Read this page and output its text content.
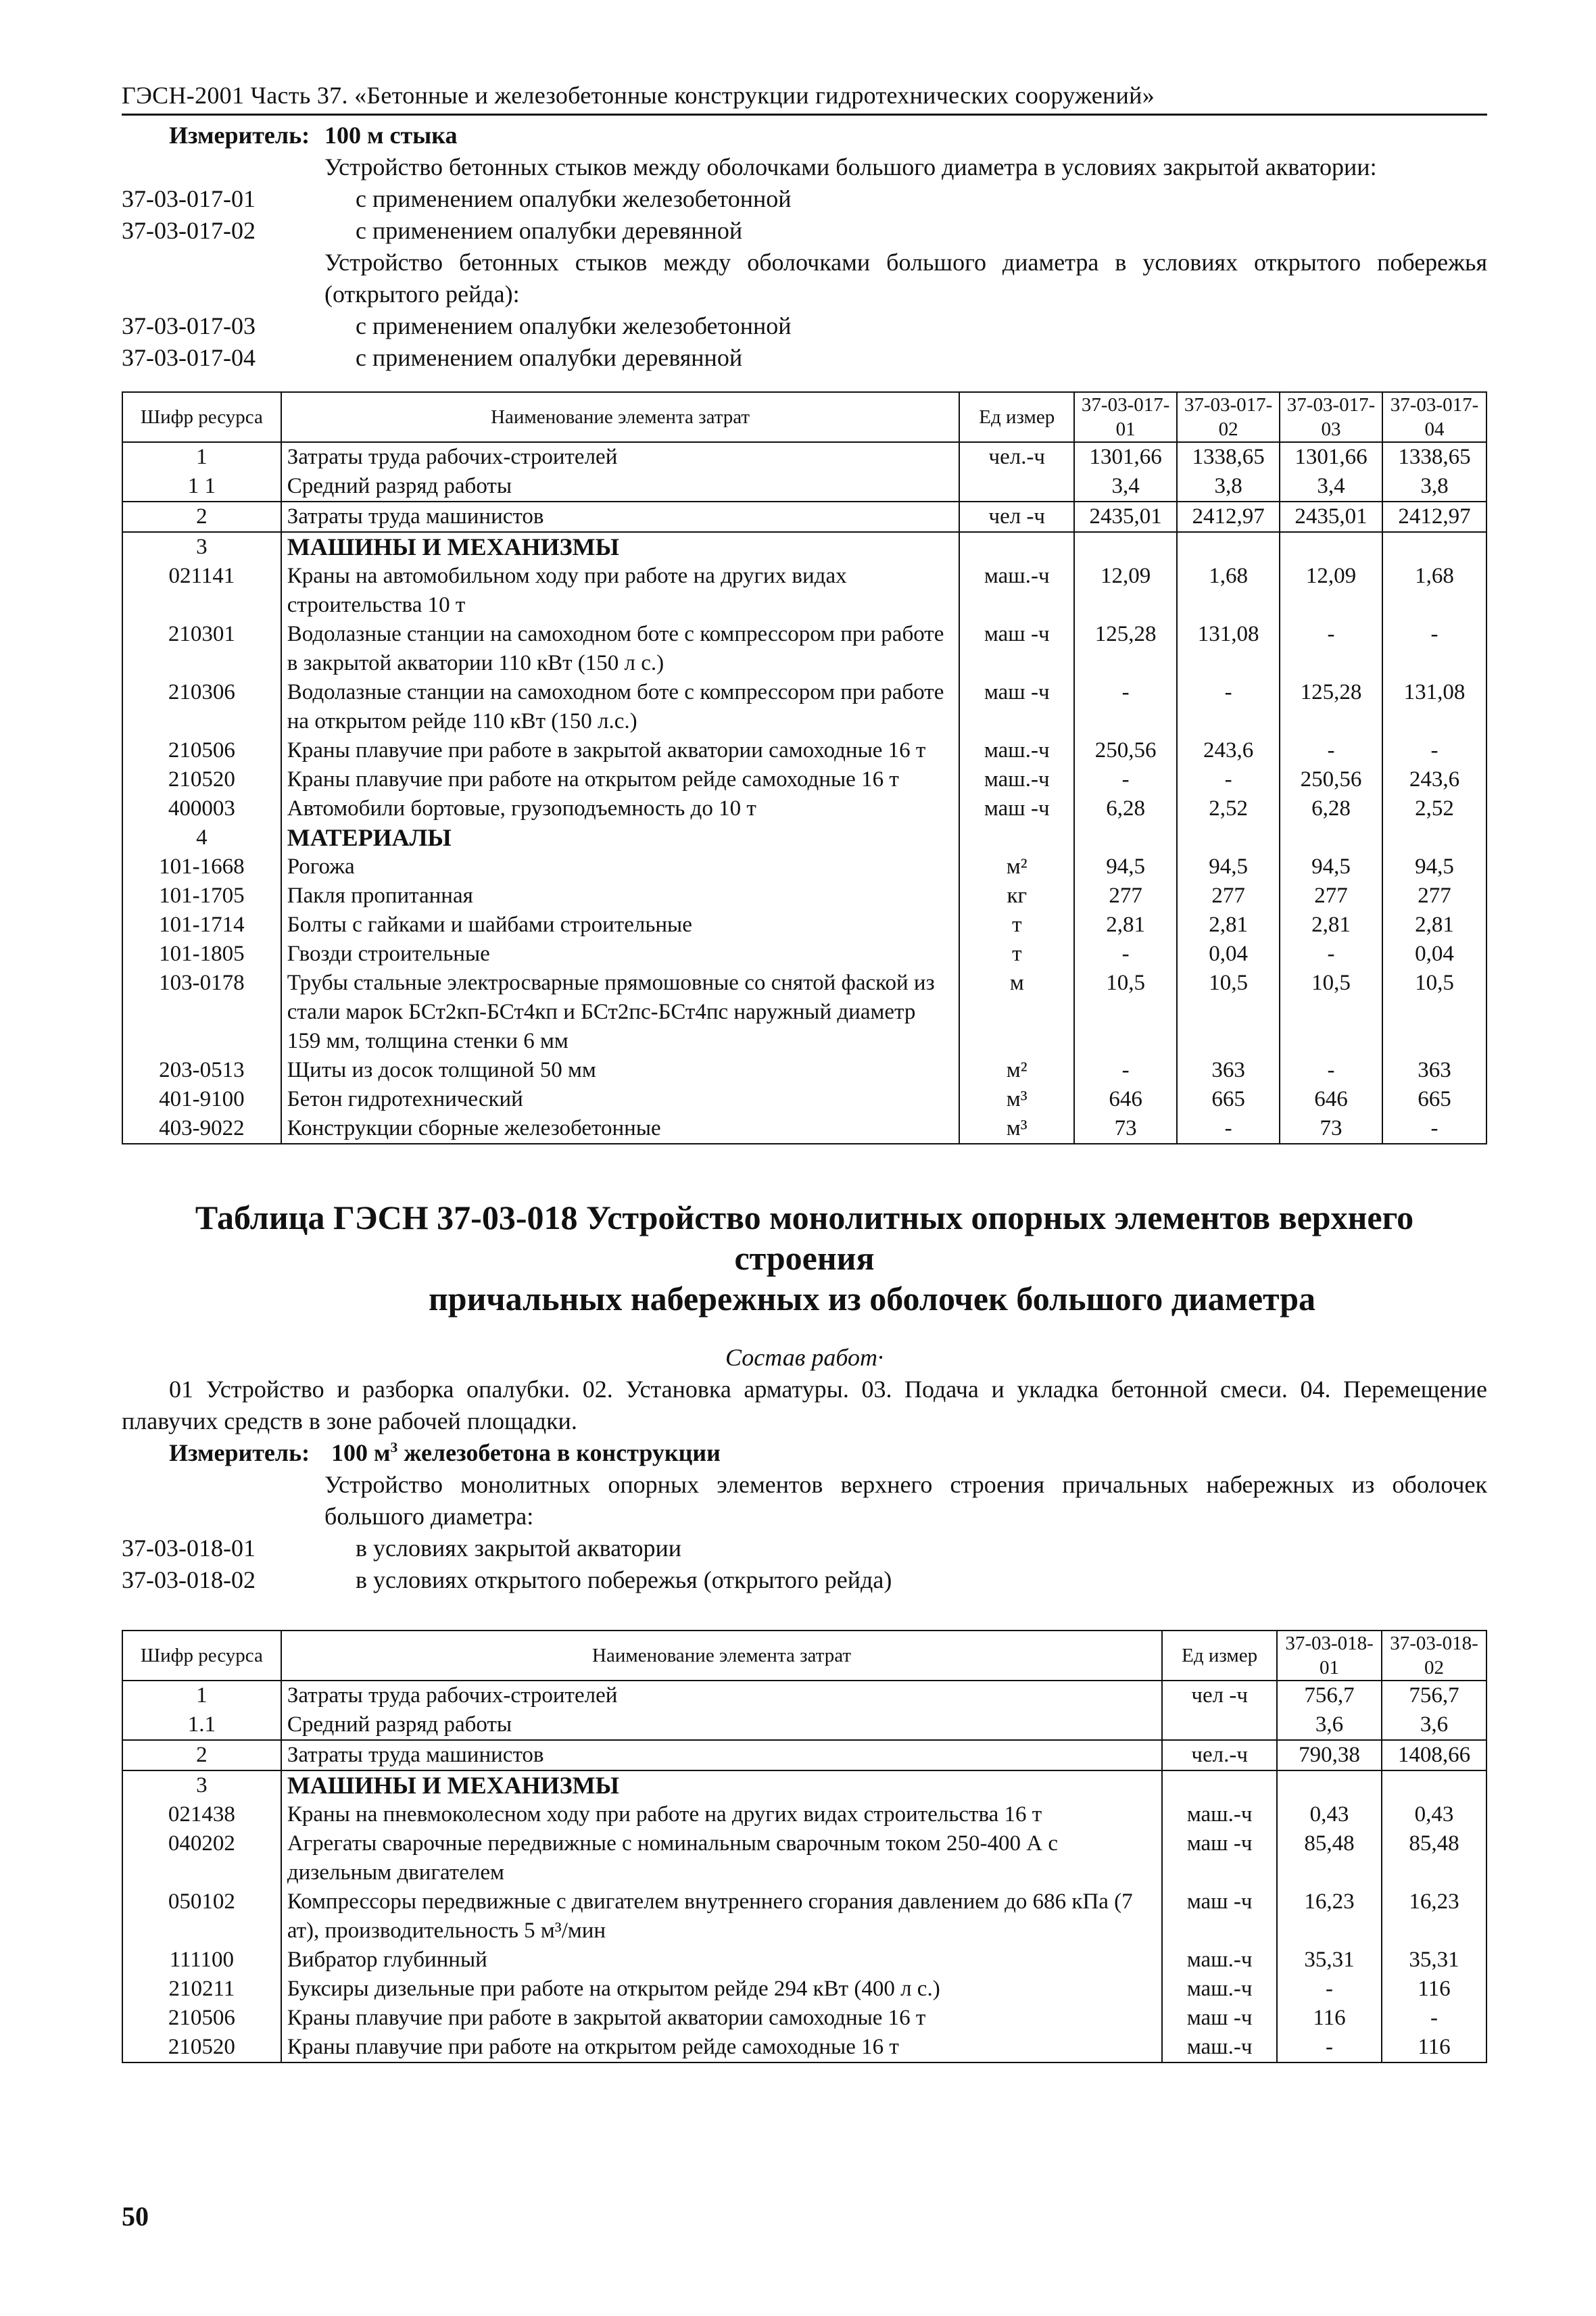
ГЭСН-2001 Часть 37. «Бетонные и железобетонные конструкции гидротехнических сооружений»
Измеритель: 100 м стыка
Устройство бетонных стыков между оболочками большого диаметра в условиях закрытой акватории:
37-03-017-01	с применением опалубки железобетонной
37-03-017-02	с применением опалубки деревянной
Устройство бетонных стыков между оболочками большого диаметра в условиях открытого побережья (открытого рейда):
37-03-017-03	с применением опалубки железобетонной
37-03-017-04	с применением опалубки деревянной
Шифр ресурса	Наименование элемента затрат	Ед измер	37-03-017-01	37-03-017-02	37-03-017-03	37-03-017-04
1	Затраты труда рабочих-строителей	чел.-ч	1301,66	1338,65	1301,66	1338,65
1 1	Средний разряд работы		3,4	3,8	3,4	3,8
2	Затраты труда машинистов	чел -ч	2435,01	2412,97	2435,01	2412,97
3	МАШИНЫ И МЕХАНИЗМЫ					
021141	Краны на автомобильном ходу при работе на других видах строительства 10 т	маш.-ч	12,09	1,68	12,09	1,68
210301	Водолазные станции на самоходном боте с компрессором при работе в закрытой акватории 110 кВт (150 л с.)	маш -ч	125,28	131,08	-	-
210306	Водолазные станции на самоходном боте с компрессором при работе на открытом рейде 110 кВт (150 л.с.)	маш -ч	-	-	125,28	131,08
210506	Краны плавучие при работе в закрытой акватории самоходные 16 т	маш.-ч	250,56	243,6	-	-
210520	Краны плавучие при работе на открытом рейде самоходные 16 т	маш.-ч	-	-	250,56	243,6
400003	Автомобили бортовые, грузоподъемность до 10 т	маш -ч	6,28	2,52	6,28	2,52
4	МАТЕРИАЛЫ					
101-1668	Рогожа	м²	94,5	94,5	94,5	94,5
101-1705	Пакля пропитанная	кг	277	277	277	277
101-1714	Болты с гайками и шайбами строительные	т	2,81	2,81	2,81	2,81
101-1805	Гвозди строительные	т	-	0,04	-	0,04
103-0178	Трубы стальные электросварные прямошовные со снятой фаской из стали марок БСт2кп-БСт4кп и БСт2пс-БСт4пс наружный диаметр 159 мм, толщина стенки 6 мм	м	10,5	10,5	10,5	10,5
203-0513	Щиты из досок толщиной 50 мм	м²	-	363	-	363
401-9100	Бетон гидротехнический	м³	646	665	646	665
403-9022	Конструкции сборные железобетонные	м³	73	-	73	-
Таблица ГЭСН 37-03-018 Устройство монолитных опорных элементов верхнего строения
причальных набережных из оболочек большого диаметра
Состав работ·
01 Устройство и разборка опалубки. 02. Установка арматуры. 03. Подача и укладка бетонной смеси. 04. Перемещение плавучих средств в зоне рабочей площадки.
Измеритель: 100 $м^3$ железобетона в конструкции
Устройство монолитных опорных элементов верхнего строения причальных набережных из оболочек большого диаметра:
37-03-018-01	в условиях закрытой акватории
37-03-018-02	в условиях открытого побережья (открытого рейда)
Шифр ресурса	Наименование элемента затрат	Ед измер	37-03-018-01	37-03-018-02
1	Затраты труда рабочих-строителей	чел -ч	756,7	756,7
1.1	Средний разряд работы		3,6	3,6
2	Затраты труда машинистов	чел.-ч	790,38	1408,66
3	МАШИНЫ И МЕХАНИЗМЫ			
021438	Краны на пневмоколесном ходу при работе на других видах строительства 16 т	маш.-ч	0,43	0,43
040202	Агрегаты сварочные передвижные с номинальным сварочным током 250-400 А с дизельным двигателем	маш -ч	85,48	85,48
050102	Компрессоры передвижные с двигателем внутреннего сгорания давлением до 686 кПа (7 ат), производительность 5 м³/мин	маш -ч	16,23	16,23
111100	Вибратор глубинный	маш.-ч	35,31	35,31
210211	Буксиры дизельные при работе на открытом рейде 294 кВт (400 л с.)	маш.-ч	-	116
210506	Краны плавучие при работе в закрытой акватории самоходные 16 т	маш -ч	116	-
210520	Краны плавучие при работе на открытом рейде самоходные 16 т	маш.-ч	-	116
50
